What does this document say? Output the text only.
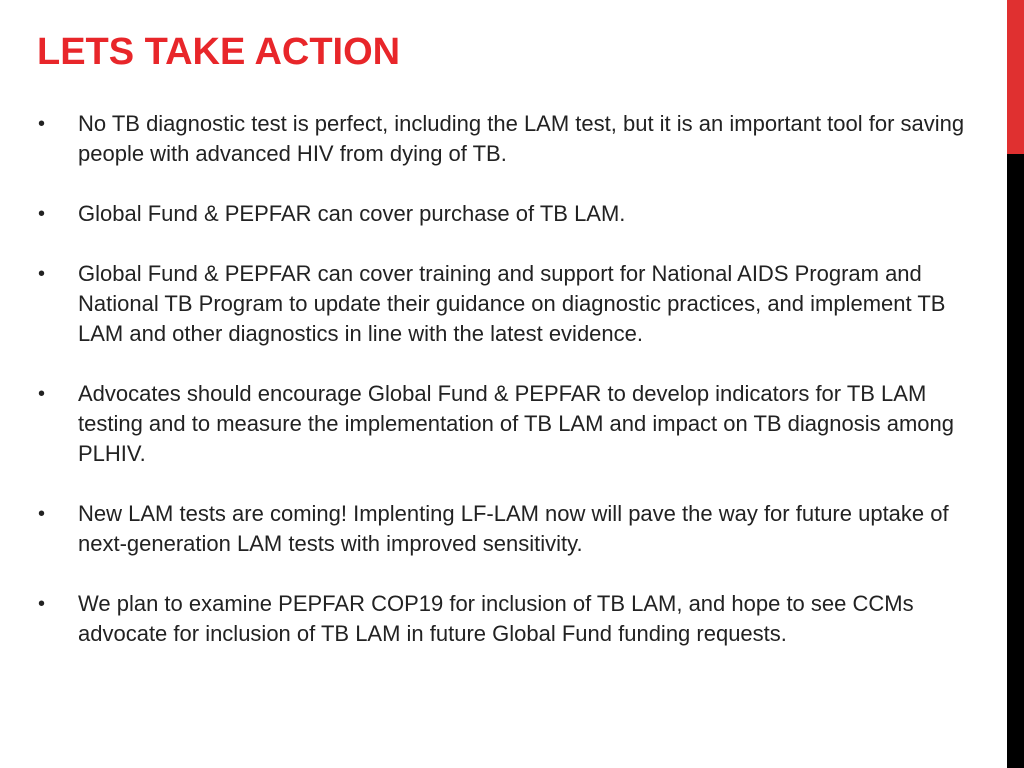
LETS TAKE ACTION
•	No TB diagnostic test is perfect, including the LAM test, but it is an important tool for saving people with advanced HIV from dying of TB.
•	Global Fund & PEPFAR can cover purchase of TB LAM.
•	Global Fund & PEPFAR can cover training and support for National AIDS Program and National TB Program to update their guidance on diagnostic practices, and implement TB LAM and other diagnostics in line with the latest evidence.
•	Advocates should encourage Global Fund & PEPFAR to develop indicators for TB LAM testing and to measure the implementation of TB LAM and impact on TB diagnosis among PLHIV.
•	New LAM tests are coming! Implenting LF-LAM now will pave the way for future uptake of next-generation LAM tests with improved sensitivity.
•	We plan to examine PEPFAR COP19 for inclusion of TB LAM, and hope to see CCMs advocate for inclusion of TB LAM in future Global Fund funding requests.
